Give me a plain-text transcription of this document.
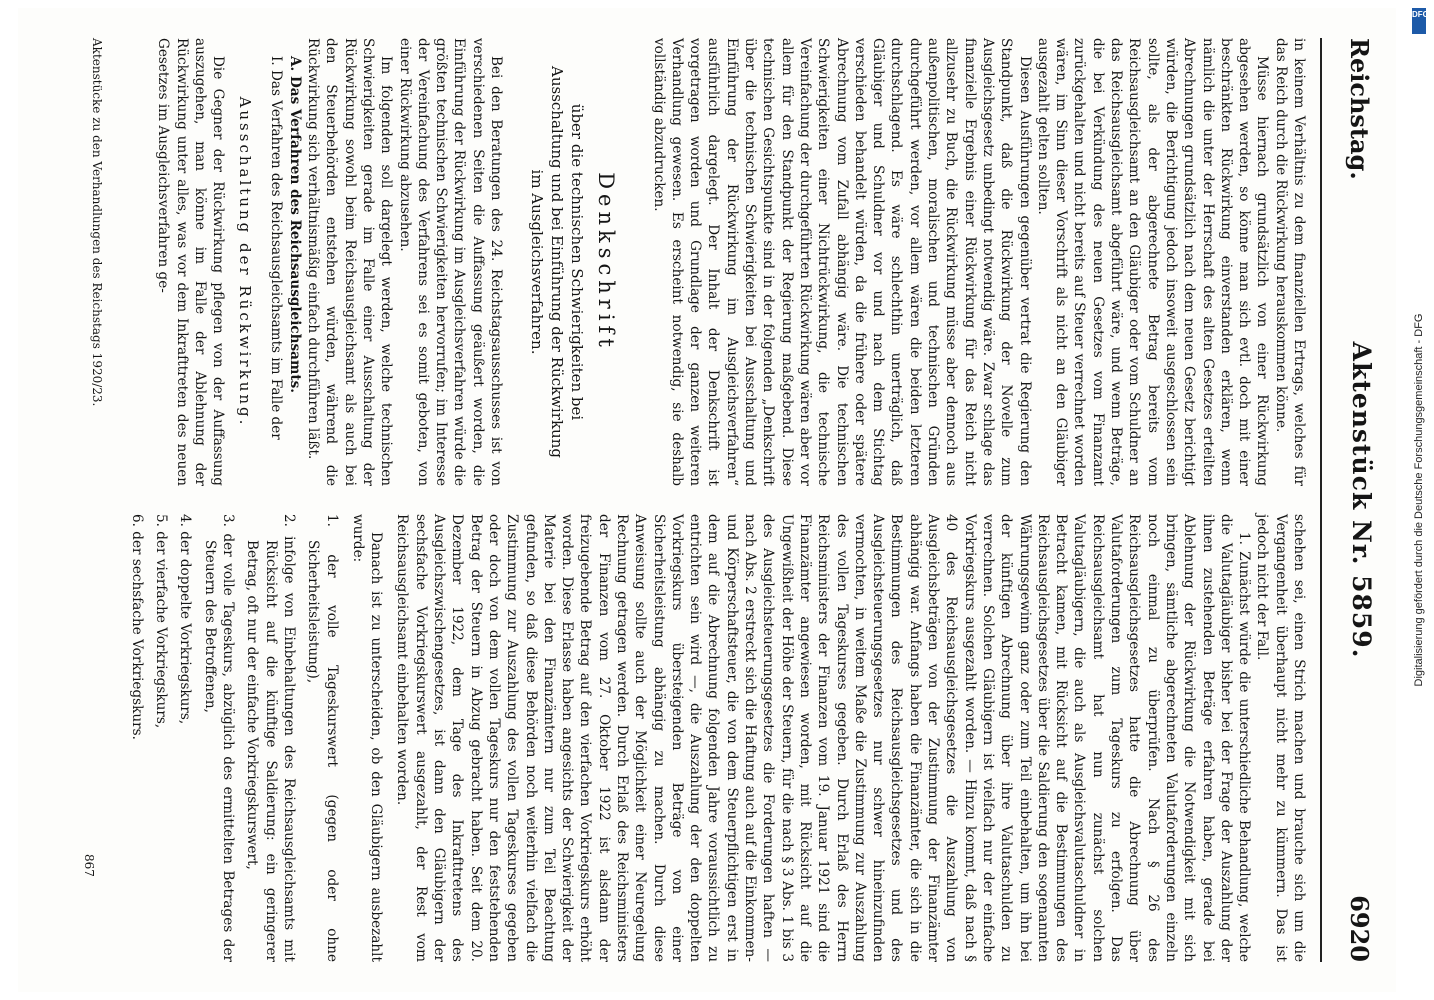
Reichstag.
Aktenstück Nr. 5859.
6920

in keinem Verhältnis zu dem finanziellen Ertrags, welches für das Reich durch die Rückwirkung herauskommen könne.

Müsse hiernach grundsätzlich von einer Rückwirkung abgesehen werden, so könne man sich evtl. doch mit einer beschränkten Rückwirkung einverstanden erklären, wenn nämlich die unter der Herrschaft des alten Gesetzes erteilten Abrechnungen grundsätzlich nach dem neuen Gesetz berichtigt würden, die Berichtigung jedoch insoweit ausgeschlossen sein sollte, als der abgerechnete Betrag bereits vom Reichsausgleichsamt an den Gläubiger oder vom Schuldner an das Reichsausgleichsamt abgeführt wäre, und wenn Beträge, die bei Verkündung des neuen Gesetzes vom Finanzamt zurückgehalten und nicht bereits auf Steuer verrechnet worden wären, im Sinn dieser Vorschrift als nicht an den Gläubiger ausgezahlt gelten sollten.

Diesen Ausführungen gegenüber vertrat die Regierung den Standpunkt, daß die Rückwirkung der Novelle zum Ausgleichsgesetz unbedingt notwendig wäre. Zwar schlage das finanzielle Ergebnis einer Rückwirkung für das Reich nicht allzusehr zu Buch, die Rückwirkung müsse aber dennoch aus außenpolitischen, moralischen und technischen Gründen durchgeführt werden, vor allem wären die beiden letzteren durchschlagend. Es wäre schlechthin unerträglich, daß Gläubiger und Schuldner vor und nach dem Stichtag verschieden behandelt würden, da die frühere oder spätere Abrechnung vom Zufall abhängig wäre. Die technischen Schwierigkeiten einer Nichtrückwirkung, die technische Vereinfachung der durchgeführten Rückwirkung wären aber vor allem für den Standpunkt der Regierung maßgebend. Diese technischen Gesichtspunkte sind in der folgenden „Denkschrift über die technischen Schwierigkeiten bei Ausschaltung und Einführung der Rückwirkung im Ausgleichsverfahren“ ausführlich dargelegt. Der Inhalt der Denkschrift ist vorgetragen worden und Grundlage der ganzen weiteren Verhandlung gewesen. Es erscheint notwendig, sie deshalb vollständig abzudrucken.

Denkschrift
über die technischen Schwierigkeiten bei Ausschaltung und bei Einführung der Rückwirkung im Ausgleichsverfahren.

Bei den Beratungen des 24. Reichstagsausschusses ist von verschiedenen Seiten die Auffassung geäußert worden, die Einführung der Rückwirkung im Ausgleichsverfahren würde die größten technischen Schwierigkeiten hervorrufen; im Interesse der Vereinfachung des Verfahrens sei es somit geboten, von einer Rückwirkung abzusehen.

Im folgenden soll dargelegt werden, welche technischen Schwierigkeiten gerade im Falle einer Ausschaltung der Rückwirkung sowohl beim Reichsausgleichsamt als auch bei den Steuerbehörden entstehen würden, während die Rückwirkung sich verhältnismäßig einfach durchführen läßt.

A. Das Verfahren des Reichsausgleichsamts.

I. Das Verfahren des Reichsausgleichsamts im Falle der

Ausschaltung der Rückwirkung.

Die Gegner der Rückwirkung pflegen von der Auffassung auszugehen, man könne im Falle der Ablehnung der Rückwirkung unter alles, was vor dem Inkrafttreten des neuen Gesetzes im Ausgleichsverfahren ge-

schehen sei, einen Strich machen und brauche sich um die Vergangenheit überhaupt nicht mehr zu kümmern. Das ist jedoch nicht der Fall.

1. Zunächst würde die unterschiedliche Behandlung, welche die Valutagläubiger bisher bei der Frage der Auszahlung der ihnen zustehenden Beträge erfahren haben, gerade bei Ablehnung der Rückwirkung die Notwendigkeit mit sich bringen, sämtliche abgerechneten Valutaforderungen einzeln noch einmal zu überprüfen. Nach § 26 des Reichsausgleichsgesetzes hatte die Abrechnung über Valutaforderungen zum Tageskurs zu erfolgen. Das Reichsausgleichsamt hat nun zunächst solchen Valutagläubigern, die auch als Ausgleichsvalutaschuldner in Betracht kamen, mit Rücksicht auf die Bestimmungen des Reichsausgleichsgesetzes über die Saldierung den sogenannten Währungsgewinn ganz oder zum Teil einbehalten, um ihn bei der künftigen Abrechnung über ihre Valutaschulden zu verrechnen. Solchen Gläubigern ist vielfach nur der einfache Vorkriegskurs ausgezahlt worden. — Hinzu kommt, daß nach § 40 des Reichsausgleichsgesetzes die Auszahlung von Ausgleichsbeträgen von der Zustimmung der Finanzämter abhängig war. Anfangs haben die Finanzämter, die sich in die Bestimmungen des Reichsausgleichsgesetzes und des Ausgleichsteuerungsgesetzes nur schwer hineinzufinden vermochten, in weitem Maße die Zustimmung zur Auszahlung des vollen Tageskurses gegeben. Durch Erlaß des Herrn Reichsministers der Finanzen vom 19. Januar 1921 sind die Finanzämter angewiesen worden, mit Rücksicht auf die Ungewißheit der Höhe der Steuern, für die nach § 3 Abs. 1 bis 3 des Ausgleichsteuerungsgesetzes die Forderungen haften — nach Abs. 2 erstreckt sich die Haftung auch auf die Einkommen- und Körperschaftsteuer, die von dem Steuerpflichtigen erst in dem auf die Abrechnung folgenden Jahre voraussichtlich zu entrichten sein wird —, die Auszahlung der den doppelten Vorkriegskurs übersteigenden Beträge von einer Sicherheitsleistung abhängig zu machen. Durch diese Anweisung sollte auch der Möglichkeit einer Neuregelung Rechnung getragen werden. Durch Erlaß des Reichsministers der Finanzen vom 27. Oktober 1922 ist alsdann der freizugebende Betrag auf den vierfachen Vorkriegskurs erhöht worden. Diese Erlasse haben angesichts der Schwierigkeit der Materie bei den Finanzämtern nur zum Teil Beachtung gefunden, so daß diese Behörden noch weiterhin vielfach die Zustimmung zur Auszahlung des vollen Tageskurses gegeben oder doch von dem vollen Tageskurs nur den feststehenden Betrag der Steuern in Abzug gebracht haben. Seit dem 20. Dezember 1922, dem Tage des Inkrafttretens des Ausgleichszwischengesetzes, ist dann den Gläubigern der sechsfache Vorkriegskurswert ausgezahlt, der Rest vom Reichsausgleichsamt einbehalten worden.

Danach ist zu unterscheiden, ob den Gläubigern ausbezahlt wurde:

1. der volle Tageskurswert (gegen oder ohne Sicherheitsleistung),
2. infolge von Einbehaltungen des Reichsausgleichsamts mit Rücksicht auf die künftige Saldierung: ein geringerer Betrag, oft nur der einfache Vorkriegskurswert,
3. der volle Tageskurs, abzüglich des ermittelten Betrages der Steuern des Betroffenen,
4. der doppelte Vorkriegskurs,
5. der vierfache Vorkriegskurs,
6. der sechsfache Vorkriegskurs.
Aktenstücke zu den Verhandlungen des Reichstags 1920/23.
867
DFG
Digitalisierung gefördert durch die Deutsche Forschungsgemeinschaft - DFG
